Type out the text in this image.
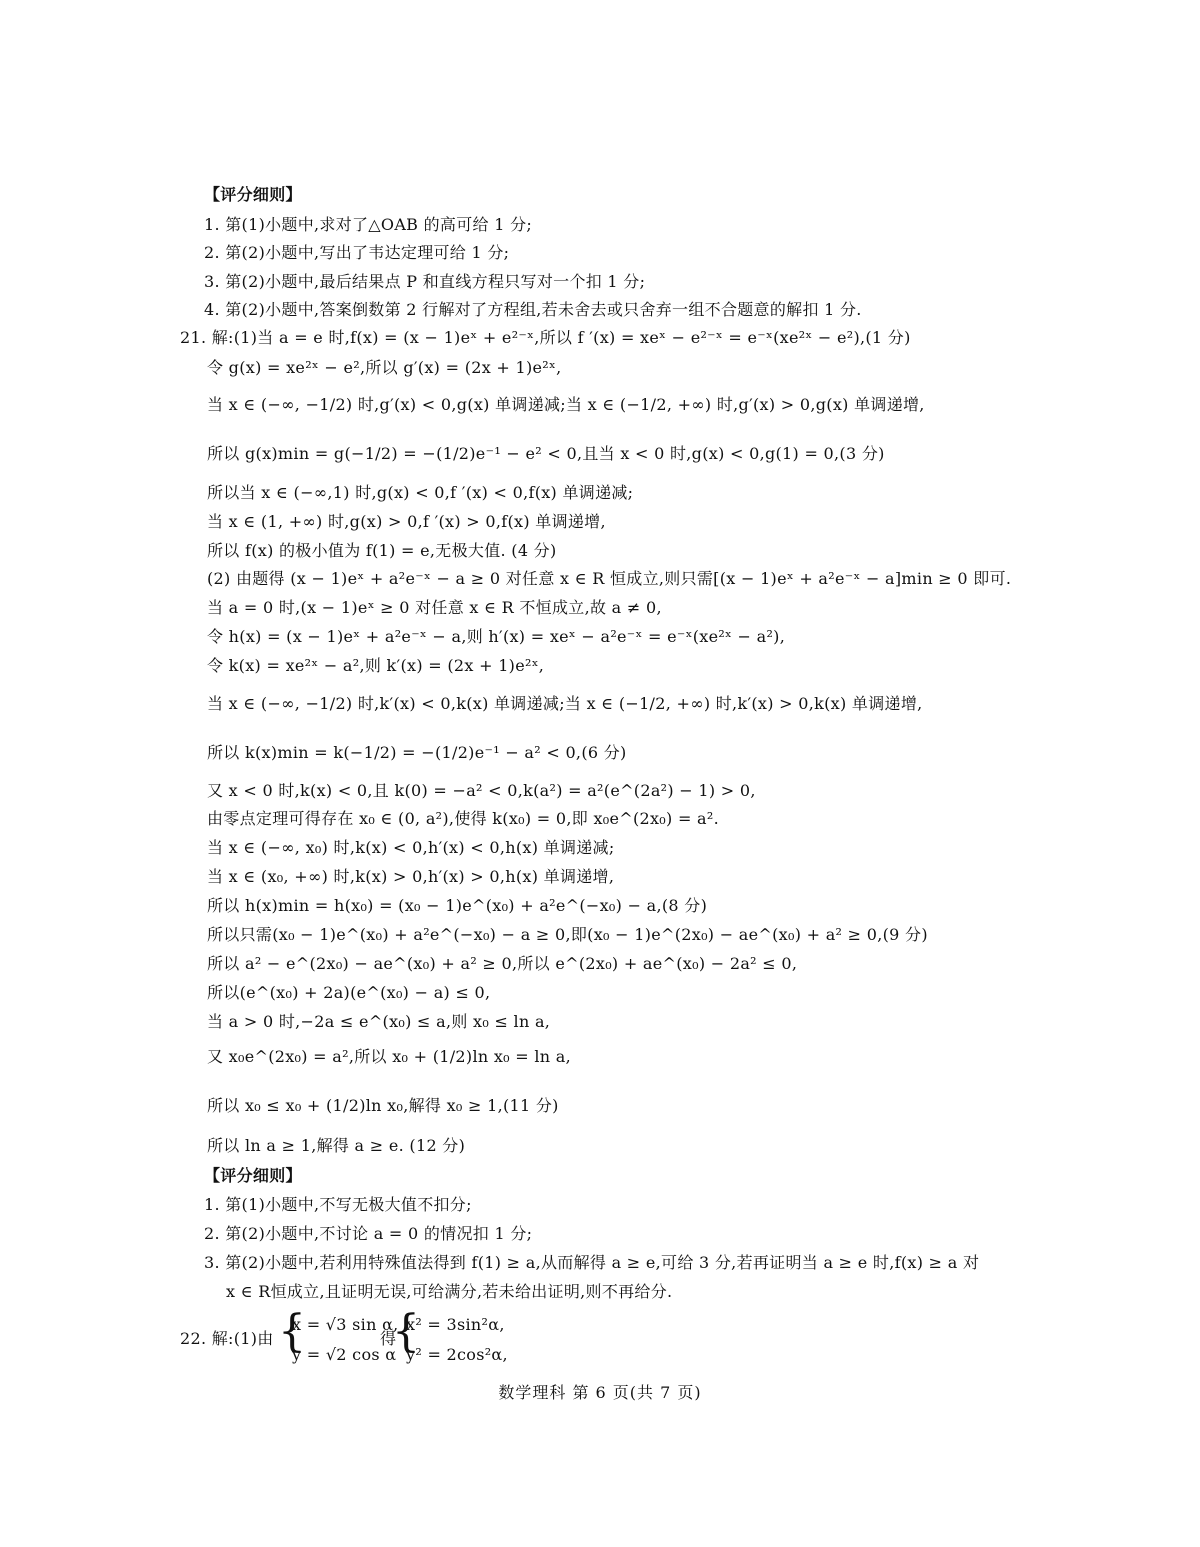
【评分细则】
1. 第(1)小题中,求对了△OAB 的高可给 1 分;
2. 第(2)小题中,写出了韦达定理可给 1 分;
3. 第(2)小题中,最后结果点 P 和直线方程只写对一个扣 1 分;
4. 第(2)小题中,答案倒数第 2 行解对了方程组,若未舍去或只舍弃一组不合题意的解扣 1 分.
21. 解:(1)当 a = e 时,f(x) = (x − 1)eˣ + e²⁻ˣ,所以 f ′(x) = xeˣ − e²⁻ˣ = e⁻ˣ(xe²ˣ − e²),(1 分)
令 g(x) = xe²ˣ − e²,所以 g′(x) = (2x + 1)e²ˣ,
当 x ∈ (−∞, −1/2) 时,g′(x) < 0,g(x) 单调递减;当 x ∈ (−1/2, +∞) 时,g′(x) > 0,g(x) 单调递增,
所以 g(x)min = g(−1/2) = −(1/2)e⁻¹ − e² < 0,且当 x < 0 时,g(x) < 0,g(1) = 0,(3 分)
所以当 x ∈ (−∞,1) 时,g(x) < 0,f ′(x) < 0,f(x) 单调递减;
当 x ∈ (1, +∞) 时,g(x) > 0,f ′(x) > 0,f(x) 单调递增,
所以 f(x) 的极小值为 f(1) = e,无极大值. (4 分)
(2) 由题得 (x − 1)eˣ + a²e⁻ˣ − a ≥ 0 对任意 x ∈ R 恒成立,则只需[(x − 1)eˣ + a²e⁻ˣ − a]min ≥ 0 即可.
当 a = 0 时,(x − 1)eˣ ≥ 0 对任意 x ∈ R 不恒成立,故 a ≠ 0,
令 h(x) = (x − 1)eˣ + a²e⁻ˣ − a,则 h′(x) = xeˣ − a²e⁻ˣ = e⁻ˣ(xe²ˣ − a²),
令 k(x) = xe²ˣ − a²,则 k′(x) = (2x + 1)e²ˣ,
当 x ∈ (−∞, −1/2) 时,k′(x) < 0,k(x) 单调递减;当 x ∈ (−1/2, +∞) 时,k′(x) > 0,k(x) 单调递增,
所以 k(x)min = k(−1/2) = −(1/2)e⁻¹ − a² < 0,(6 分)
又 x < 0 时,k(x) < 0,且 k(0) = −a² < 0,k(a²) = a²(e^(2a²) − 1) > 0,
由零点定理可得存在 x₀ ∈ (0, a²),使得 k(x₀) = 0,即 x₀e^(2x₀) = a².
当 x ∈ (−∞, x₀) 时,k(x) < 0,h′(x) < 0,h(x) 单调递减;
当 x ∈ (x₀, +∞) 时,k(x) > 0,h′(x) > 0,h(x) 单调递增,
所以 h(x)min = h(x₀) = (x₀ − 1)e^(x₀) + a²e^(−x₀) − a,(8 分)
所以只需(x₀ − 1)e^(x₀) + a²e^(−x₀) − a ≥ 0,即(x₀ − 1)e^(2x₀) − ae^(x₀) + a² ≥ 0,(9 分)
所以 a² − e^(2x₀) − ae^(x₀) + a² ≥ 0,所以 e^(2x₀) + ae^(x₀) − 2a² ≤ 0,
所以(e^(x₀) + 2a)(e^(x₀) − a) ≤ 0,
当 a > 0 时,−2a ≤ e^(x₀) ≤ a,则 x₀ ≤ ln a,
又 x₀e^(2x₀) = a²,所以 x₀ + (1/2)ln x₀ = ln a,
所以 x₀ ≤ x₀ + (1/2)ln x₀,解得 x₀ ≥ 1,(11 分)
所以 ln a ≥ 1,解得 a ≥ e. (12 分)
【评分细则】
1. 第(1)小题中,不写无极大值不扣分;
2. 第(2)小题中,不讨论 a = 0 的情况扣 1 分;
3. 第(2)小题中,若利用特殊值法得到 f(1) ≥ a,从而解得 a ≥ e,可给 3 分,若再证明当 a ≥ e 时,f(x) ≥ a 对
x ∈ R恒成立,且证明无误,可给满分,若未给出证明,则不再给分.
22. 解:(1)由 {
x = √3 sin α,
y = √2 cos α
得
{
x² = 3sin²α,
y² = 2cos²α,
数学理科 第 6 页(共 7 页)
